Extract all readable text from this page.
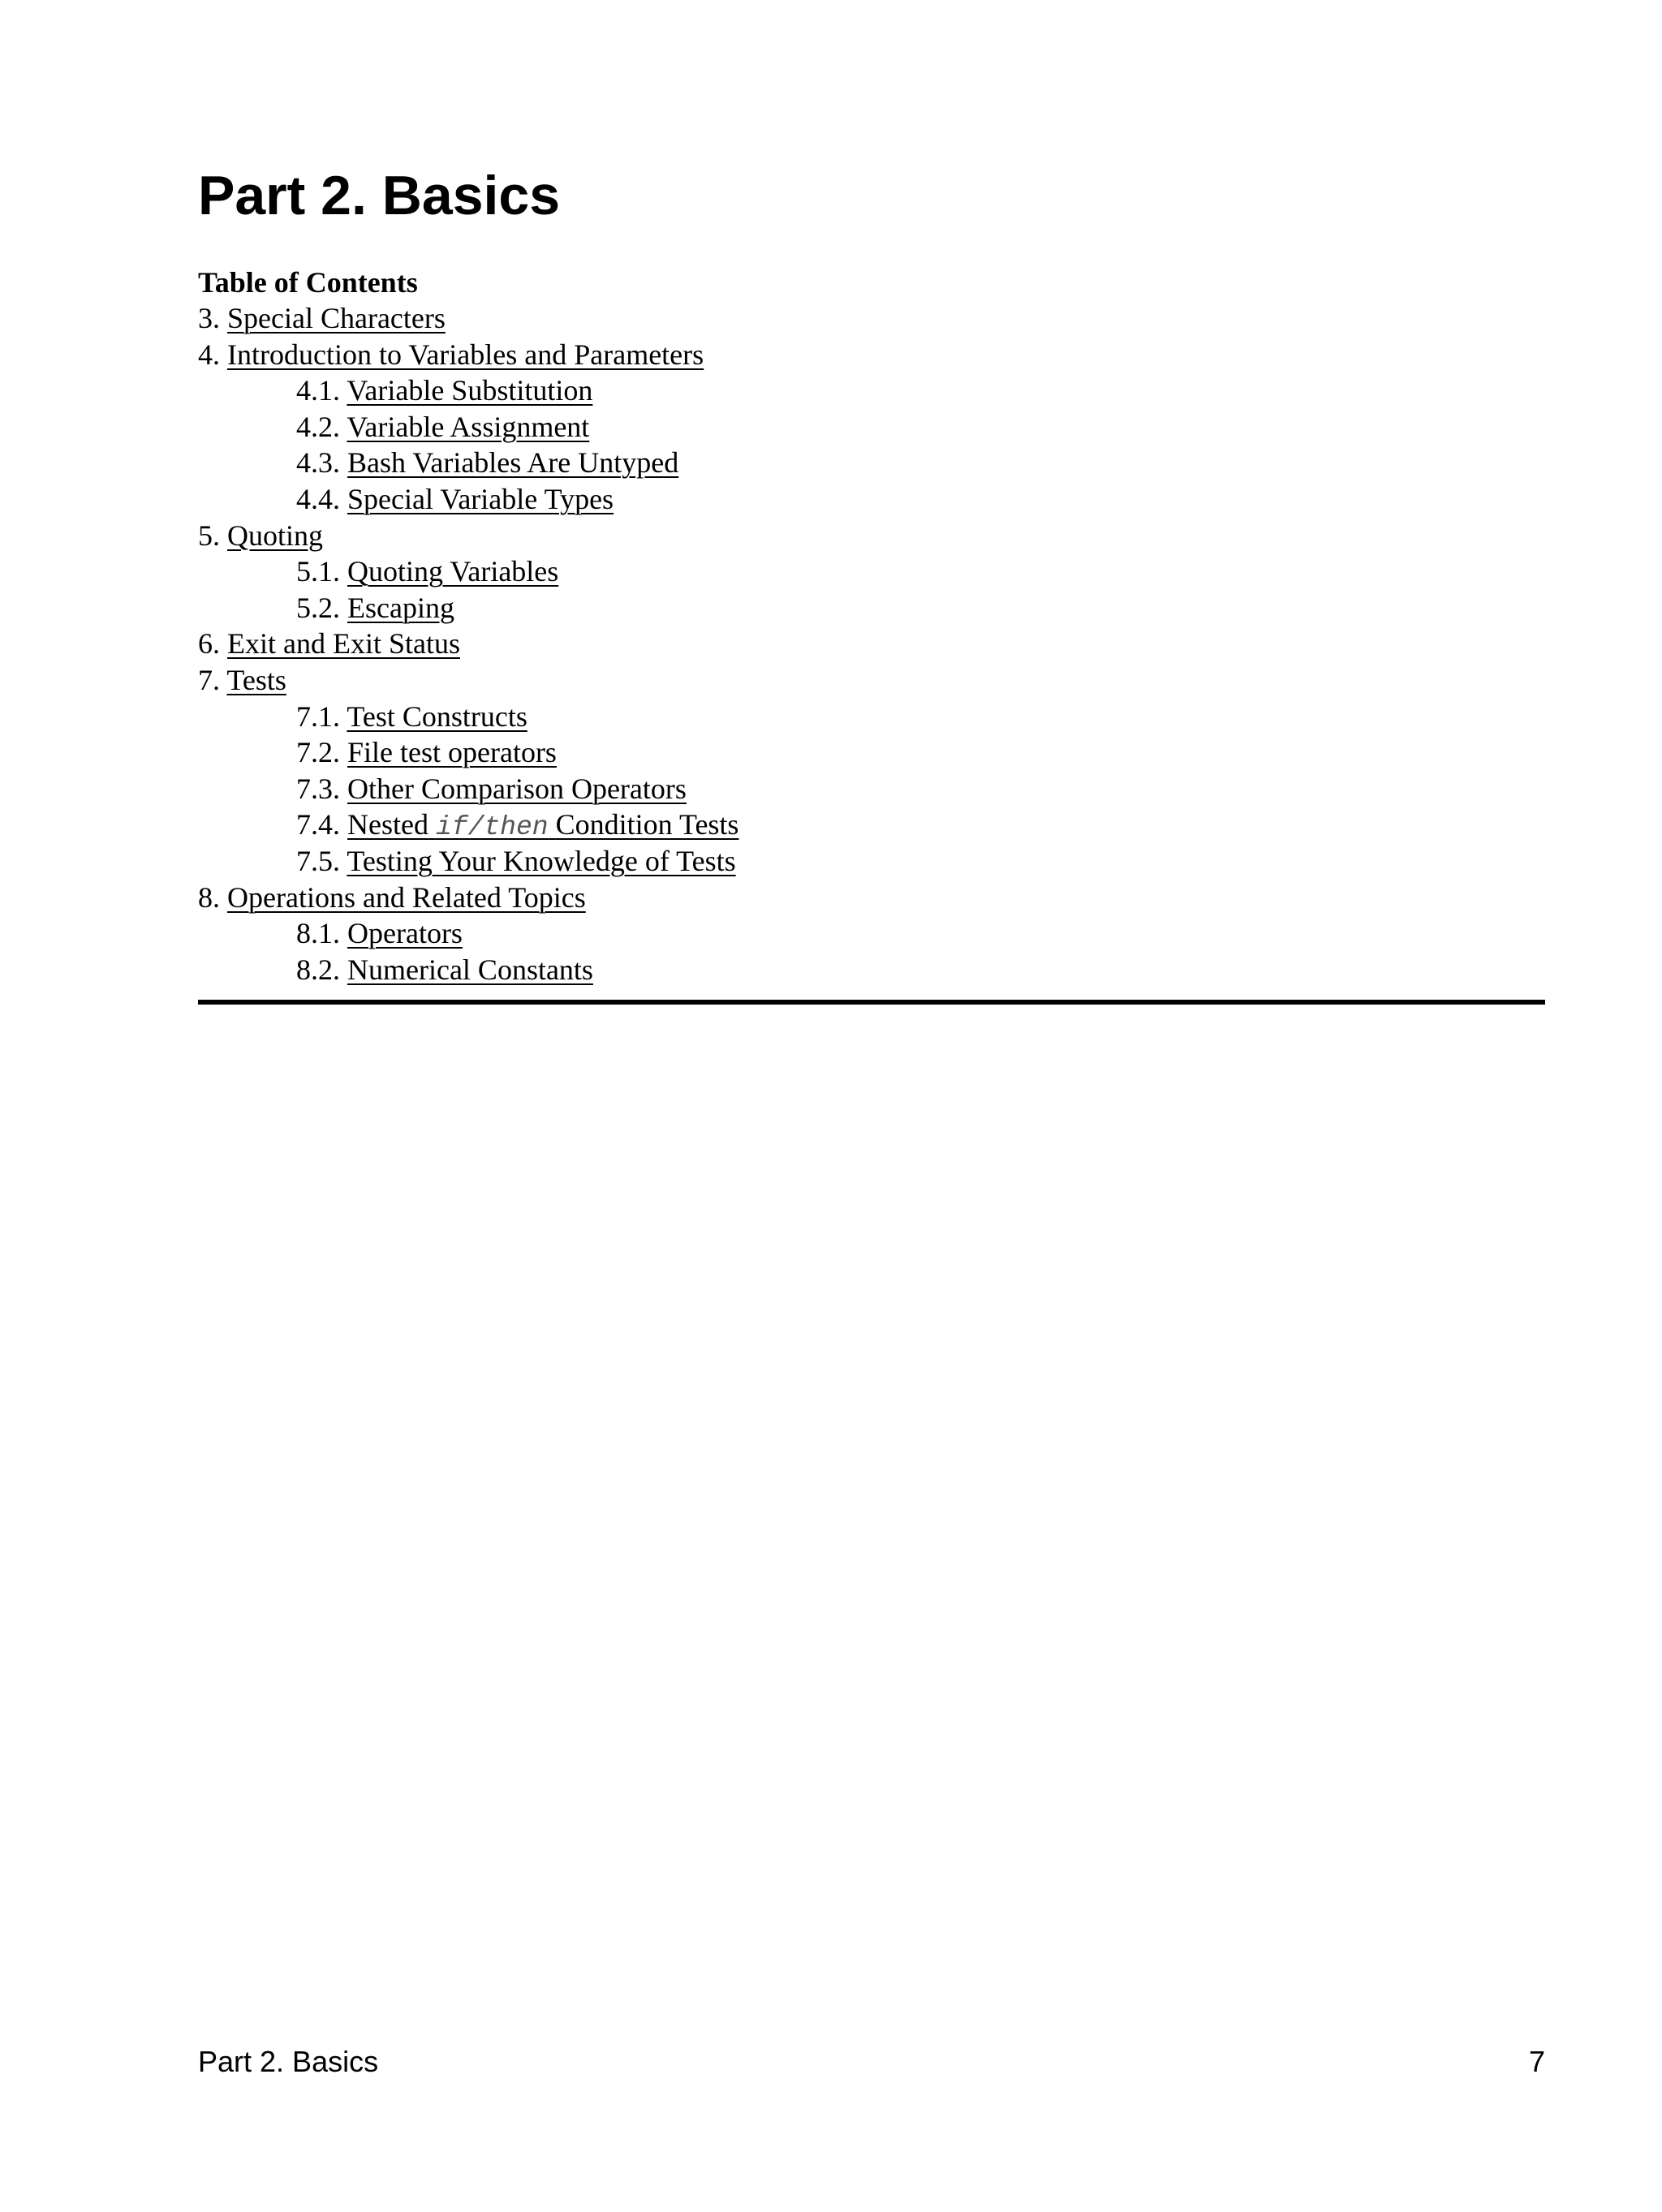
Part 2. Basics
Table of Contents
3. Special Characters
4. Introduction to Variables and Parameters
4.1. Variable Substitution
4.2. Variable Assignment
4.3. Bash Variables Are Untyped
4.4. Special Variable Types
5. Quoting
5.1. Quoting Variables
5.2. Escaping
6. Exit and Exit Status
7. Tests
7.1. Test Constructs
7.2. File test operators
7.3. Other Comparison Operators
7.4. Nested if/then Condition Tests
7.5. Testing Your Knowledge of Tests
8. Operations and Related Topics
8.1. Operators
8.2. Numerical Constants
Part 2. Basics	7
